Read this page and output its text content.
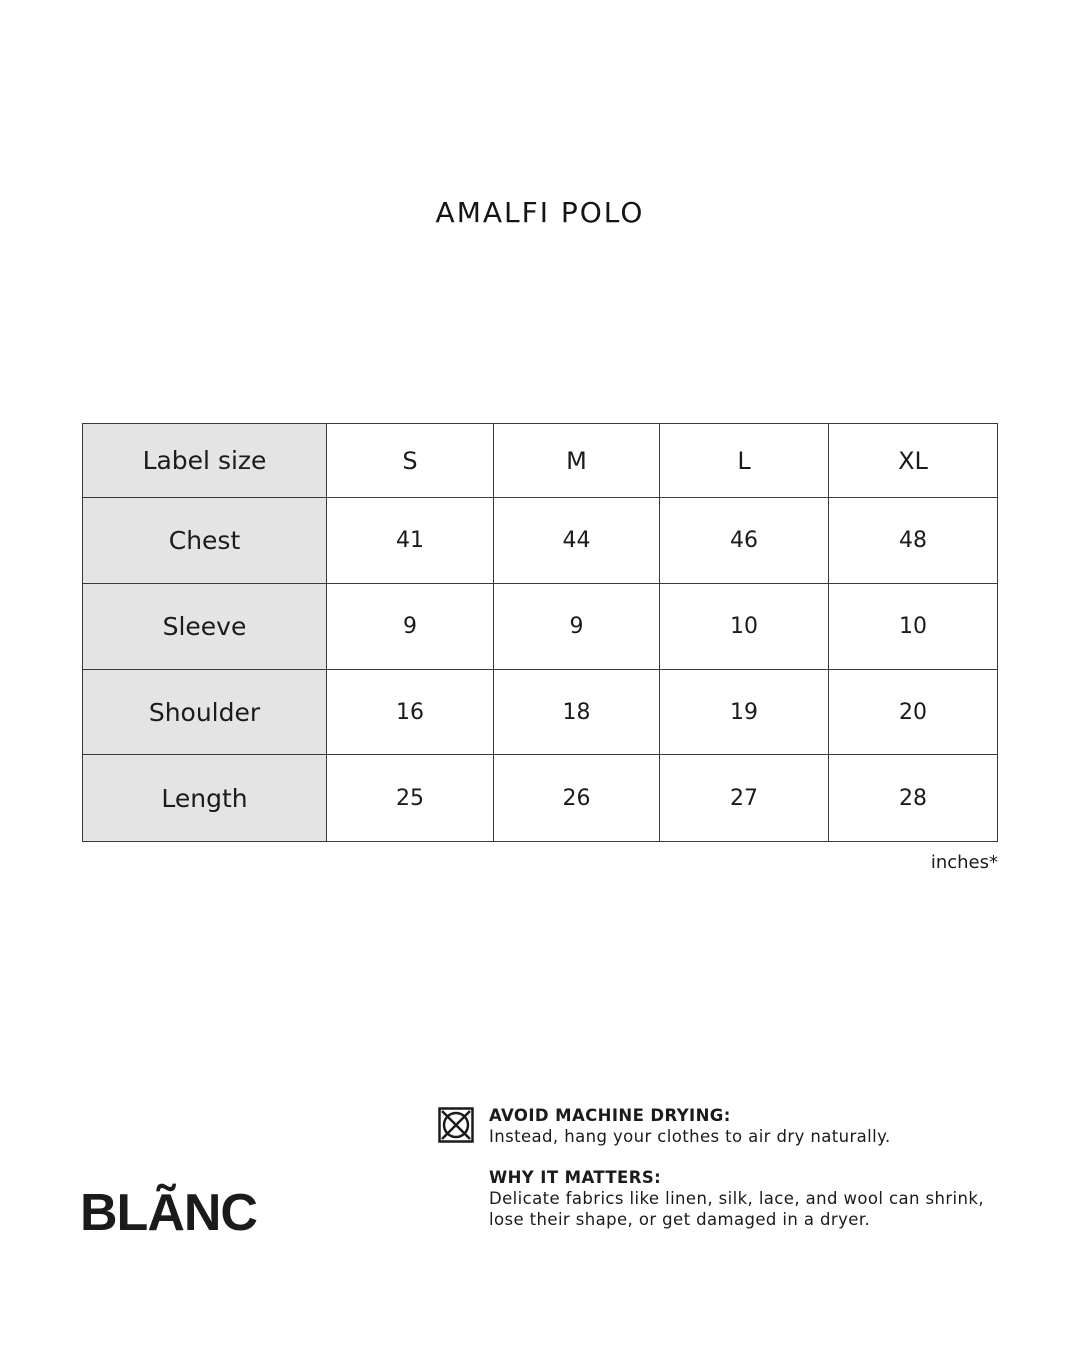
AMALFI POLO
Label size	S	M	L	XL
Chest	41	44	46	48
Sleeve	9	9	10	10
Shoulder	16	18	19	20
Length	25	26	27	28
inches*
BLÃNC
AVOID MACHINE DRYING:
Instead, hang your clothes to air dry naturally.
WHY IT MATTERS:
Delicate fabrics like linen, silk, lace, and wool can shrink,
lose their shape, or get damaged in a dryer.
